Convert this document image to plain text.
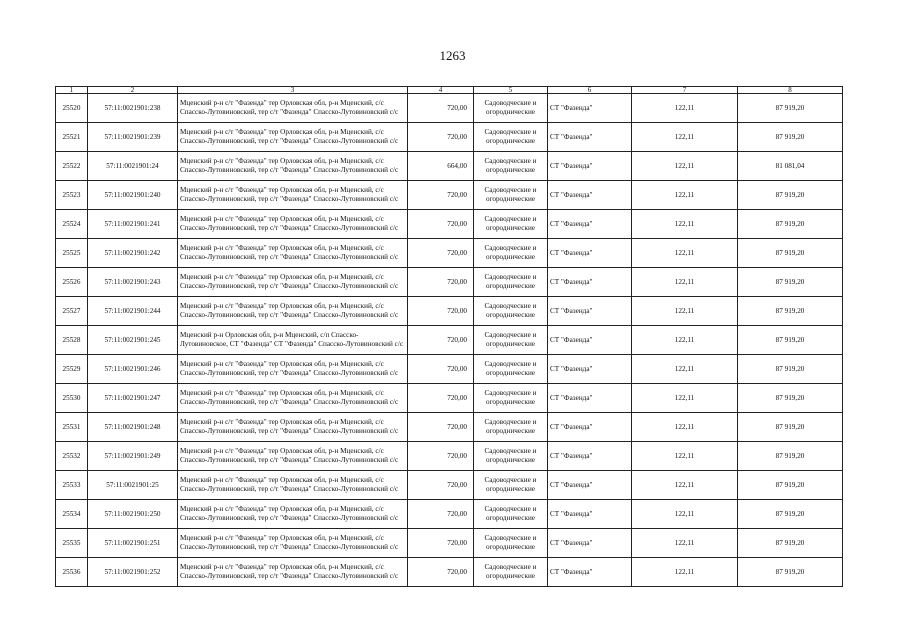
1263
1	2	3	4	5	6	7	8
25520	57:11:0021901:238	Мценский р-н с/т "Фазенда" тер Орловская обл, р-н Мценский, с/с Спасско-Лутовиновский, тер с/т "Фазенда" Спасско-Лутовиновский с/с	720,00	Садоводческие и огороднические	СТ "Фазенда"	122,11	87 919,20
25521	57:11:0021901:239	Мценский р-н с/т "Фазенда" тер Орловская обл, р-н Мценский, с/с Спасско-Лутовиновский, тер с/т "Фазенда" Спасско-Лутовиновский с/с	720,00	Садоводческие и огороднические	СТ "Фазенда"	122,11	87 919,20
25522	57:11:0021901:24	Мценский р-н с/т "Фазенда" тер Орловская обл, р-н Мценский, с/с Спасско-Лутовиновский, тер с/т "Фазенда" Спасско-Лутовиновский с/с	664,00	Садоводческие и огороднические	СТ "Фазенда"	122,11	81 081,04
25523	57:11:0021901:240	Мценский р-н с/т "Фазенда" тер Орловская обл, р-н Мценский, с/с Спасско-Лутовиновский, тер с/т "Фазенда" Спасско-Лутовиновский с/с	720,00	Садоводческие и огороднические	СТ "Фазенда"	122,11	87 919,20
25524	57:11:0021901:241	Мценский р-н с/т "Фазенда" тер Орловская обл, р-н Мценский, с/с Спасско-Лутовиновский, тер с/т "Фазенда" Спасско-Лутовиновский с/с	720,00	Садоводческие и огороднические	СТ "Фазенда"	122,11	87 919,20
25525	57:11:0021901:242	Мценский р-н с/т "Фазенда" тер Орловская обл, р-н Мценский, с/с Спасско-Лутовиновский, тер с/т "Фазенда" Спасско-Лутовиновский с/с	720,00	Садоводческие и огороднические	СТ "Фазенда"	122,11	87 919,20
25526	57:11:0021901:243	Мценский р-н с/т "Фазенда" тер Орловская обл, р-н Мценский, с/с Спасско-Лутовиновский, тер с/т "Фазенда" Спасско-Лутовиновский с/с	720,00	Садоводческие и огороднические	СТ "Фазенда"	122,11	87 919,20
25527	57:11:0021901:244	Мценский р-н с/т "Фазенда" тер Орловская обл, р-н Мценский, с/с Спасско-Лутовиновский, тер с/т "Фазенда" Спасско-Лутовиновский с/с	720,00	Садоводческие и огороднические	СТ "Фазенда"	122,11	87 919,20
25528	57:11:0021901:245	Мценский р-н Орловская обл, р-н Мценский, с/п Спасско-Лутовиновское, СТ "Фазенда" СТ "Фазенда" Спасско-Лутовиновский с/с	720,00	Садоводческие и огороднические	СТ "Фазенда"	122,11	87 919,20
25529	57:11:0021901:246	Мценский р-н с/т "Фазенда" тер Орловская обл, р-н Мценский, с/с Спасско-Лутовиновский, тер с/т "Фазенда" Спасско-Лутовиновский с/с	720,00	Садоводческие и огороднические	СТ "Фазенда"	122,11	87 919,20
25530	57:11:0021901:247	Мценский р-н с/т "Фазенда" тер Орловская обл, р-н Мценский, с/с Спасско-Лутовиновский, тер с/т "Фазенда" Спасско-Лутовиновский с/с	720,00	Садоводческие и огороднические	СТ "Фазенда"	122,11	87 919,20
25531	57:11:0021901:248	Мценский р-н с/т "Фазенда" тер Орловская обл, р-н Мценский, с/с Спасско-Лутовиновский, тер с/т "Фазенда" Спасско-Лутовиновский с/с	720,00	Садоводческие и огороднические	СТ "Фазенда"	122,11	87 919,20
25532	57:11:0021901:249	Мценский р-н с/т "Фазенда" тер Орловская обл, р-н Мценский, с/с Спасско-Лутовиновский, тер с/т "Фазенда" Спасско-Лутовиновский с/с	720,00	Садоводческие и огороднические	СТ "Фазенда"	122,11	87 919,20
25533	57:11:0021901:25	Мценский р-н с/т "Фазенда" тер Орловская обл, р-н Мценский, с/с Спасско-Лутовиновский, тер с/т "Фазенда" Спасско-Лутовиновский с/с	720,00	Садоводческие и огороднические	СТ "Фазенда"	122,11	87 919,20
25534	57:11:0021901:250	Мценский р-н с/т "Фазенда" тер Орловская обл, р-н Мценский, с/с Спасско-Лутовиновский, тер с/т "Фазенда" Спасско-Лутовиновский с/с	720,00	Садоводческие и огороднические	СТ "Фазенда"	122,11	87 919,20
25535	57:11:0021901:251	Мценский р-н с/т "Фазенда" тер Орловская обл, р-н Мценский, с/с Спасско-Лутовиновский, тер с/т "Фазенда" Спасско-Лутовиновский с/с	720,00	Садоводческие и огороднические	СТ "Фазенда"	122,11	87 919,20
25536	57:11:0021901:252	Мценский р-н с/т "Фазенда" тер Орловская обл, р-н Мценский, с/с Спасско-Лутовиновский, тер с/т "Фазенда" Спасско-Лутовиновский с/с	720,00	Садоводческие и огороднические	СТ "Фазенда"	122,11	87 919,20
